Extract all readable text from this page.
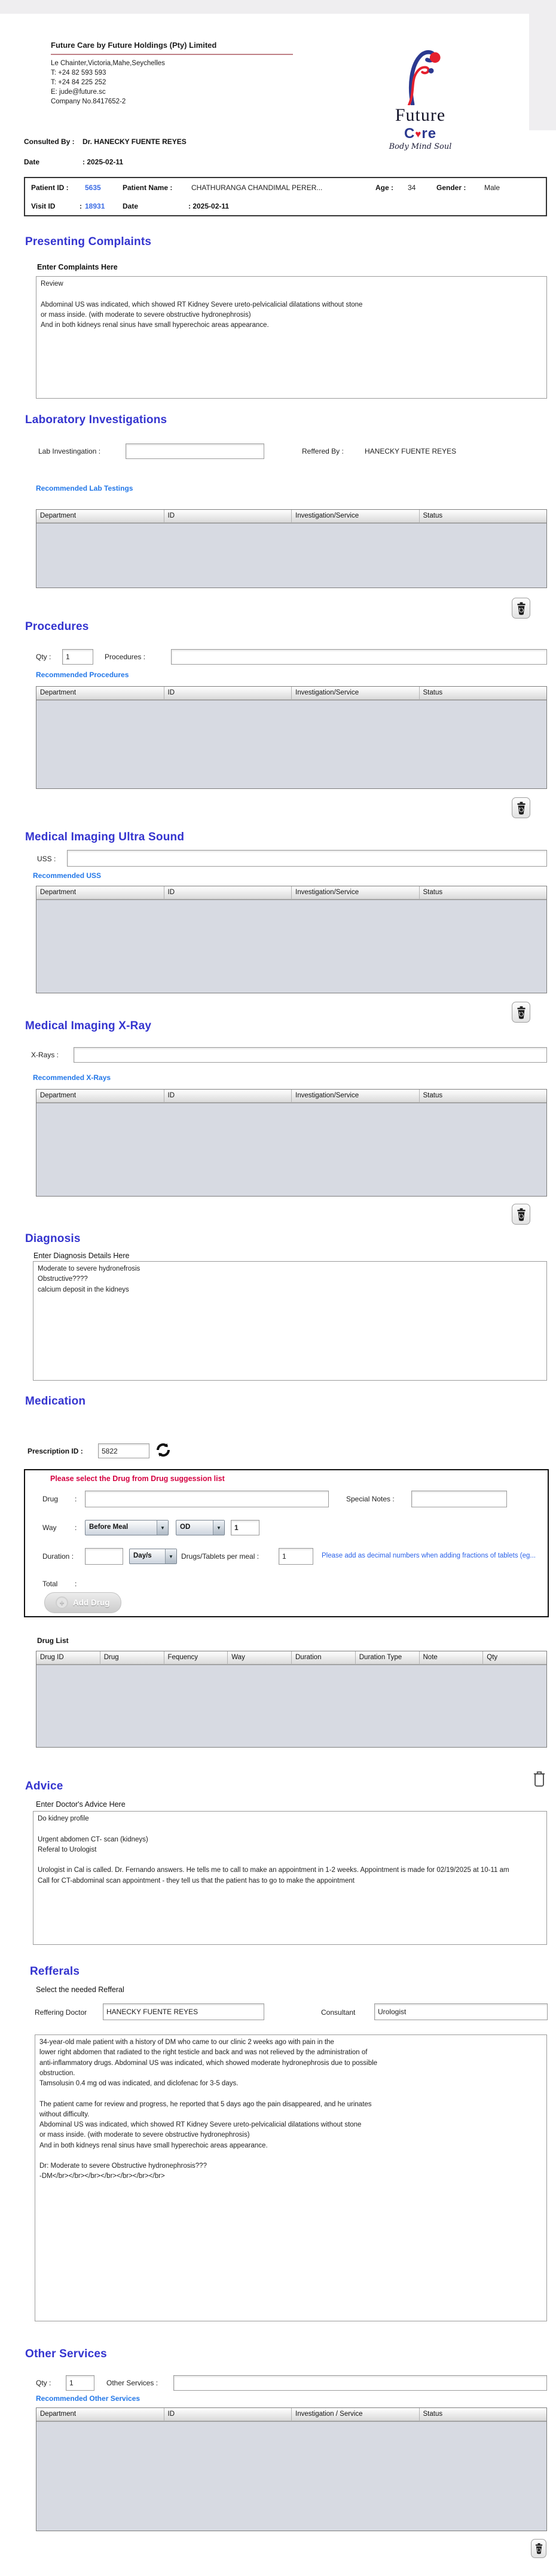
Future Care by Future Holdings (Pty) Limited
Le Chainter,Victoria,Mahe,Seychelles
T: +24 82 593 593
T: +24 84 225 252
E: jude@future.sc
Company No.8417652-2
Future
C♥re
Body Mind Soul
Consulted By : Dr. HANECKY FUENTE REYES
Date	: 2025-02-11
Patient ID : 5635	Patient Name :	CHATHURANGA CHANDIMAL PERER...	Age : 34	Gender :	Male
Visit ID	: 18931 Date	: 2025-02-11
Presenting Complaints
Enter Complaints Here
Review Abdominal US was indicated, which showed RT Kidney Severe ureto-pelvicalicial dilatations without stone or mass inside. (with moderate to severe obstructive hydronephrosis) And in both kidneys renal sinus have small hyperechoic areas appearance.
Laboratory Investigations
Lab Investingation :	Reffered By :	HANECKY FUENTE REYES
Recommended Lab Testings
Department	ID	Investigation/Service	Status
Procedures
Qty :
1	Procedures :
Recommended Procedures
Department	ID	Investigation/Service	Status
Medical Imaging Ultra Sound
USS :
Recommended USS
Department	ID	Investigation/Service	Status
Medical Imaging X-Ray
X-Rays :
Recommended X-Rays
Department	ID	Investigation/Service	Status
Diagnosis
Enter Diagnosis Details Here
Moderate to severe hydronefrosis Obstructive???? calcium deposit in the kidneys
Medication
Prescription ID :
5822
Please select the Drug from Drug suggession list
Drug :	Special Notes :
Way	:	Before Meal	▼	OD	▼
1
Duration :	Day/s	▼	Drugs/Tablets per meal :
1	Please add as decimal numbers when adding fractions of tablets (eg...
Total :
+	Add Drug
Drug List
Drug ID	Drug	Fequency	Way	Duration	Duration Type	Note	Qty
Advice
Enter Doctor's Advice Here
Do kidney profile Urgent abdomen CT- scan (kidneys) Referal to Urologist Urologist in Cal is called. Dr. Fernando answers. He tells me to call to make an appointment in 1-2 weeks. Appointment is made for 02/19/2025 at 10-11 am Call for CT-abdominal scan appointment - they tell us that the patient has to go to make the appointment
Refferals
Select the needed Refferal
Reffering Doctor
HANECKY FUENTE REYES	Consultant
Urologist
34-year-old male patient with a history of DM who came to our clinic 2 weeks ago with pain in the lower right abdomen that radiated to the right testicle and back and was not relieved by the administration of anti-inflammatory drugs. Abdominal US was indicated, which showed moderate hydronephrosis due to possible obstruction. Tamsolusin 0.4 mg od was indicated, and diclofenac for 3-5 days. The patient came for review and progress, he reported that 5 days ago the pain disappeared, and he urinates without difficulty. Abdominal US was indicated, which showed RT Kidney Severe ureto-pelvicalicial dilatations without stone or mass inside. (with moderate to severe obstructive hydronephrosis) And in both kidneys renal sinus have small hyperechoic areas appearance. Dr: Moderate to severe Obstructive hydronephrosis??? -DM</br></br></br></br></br></br></br>
Other Services
Qty :
1	Other Services :
Recommended Other Services
Department	ID	Investigation / Service	Status
